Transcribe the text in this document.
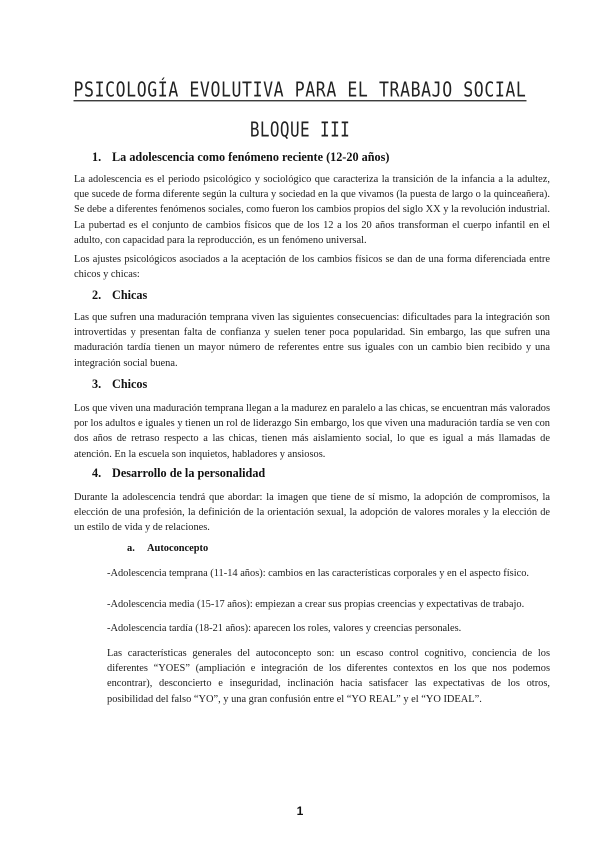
PSICOLOGÍA EVOLUTIVA PARA EL TRABAJO SOCIAL
BLOQUE III
1. La adolescencia como fenómeno reciente (12-20 años)

La adolescencia es el periodo psicológico y sociológico que caracteriza la transición de la infancia a la adultez, que sucede de forma diferente según la cultura y sociedad en la que vivamos (la puesta de largo o la quinceañera). Se debe a diferentes fenómenos sociales, como fueron los cambios propios del siglo XX y la revolución industrial. La pubertad es el conjunto de cambios físicos que de los 12 a los 20 años transforman el cuerpo infantil en el adulto, con capacidad para la reproducción, es un fenómeno universal.

Los ajustes psicológicos asociados a la aceptación de los cambios físicos se dan de una forma diferenciada entre chicos y chicas:

2. Chicas

Las que sufren una maduración temprana viven las siguientes consecuencias: dificultades para la integración son introvertidas y presentan falta de confianza y suelen tener poca popularidad. Sin embargo, las que sufren una maduración tardía tienen un mayor número de referentes entre sus iguales con un cambio bien recibido y una integración social buena.

3. Chicos

Los que viven una maduración temprana llegan a la madurez en paralelo a las chicas, se encuentran más valorados por los adultos e iguales y tienen un rol de liderazgo Sin embargo, los que viven una maduración tardía se ven con dos años de retraso respecto a las chicas, tienen más aislamiento social, lo que es igual a más llamadas de atención. En la escuela son inquietos, habladores y ansiosos.

4. Desarrollo de la personalidad

Durante la adolescencia tendrá que abordar: la imagen que tiene de sí mismo, la adopción de compromisos, la elección de una profesión, la definición de la orientación sexual, la adopción de valores morales y la elección de un estilo de vida y de relaciones.

a. Autoconcepto

-Adolescencia temprana (11-14 años): cambios en las características corporales y en el aspecto físico.

-Adolescencia media (15-17 años): empiezan a crear sus propias creencias y expectativas de trabajo.

-Adolescencia tardía (18-21 años): aparecen los roles, valores y creencias personales.

Las características generales del autoconcepto son: un escaso control cognitivo, conciencia de los diferentes “YOES” (ampliación e integración de los diferentes contextos en los que nos podemos encontrar), desconcierto e inseguridad, inclinación hacia satisfacer las expectativas de los otros, posibilidad del falso “YO”, y una gran confusión entre el “YO REAL” y el “YO IDEAL”.

1
